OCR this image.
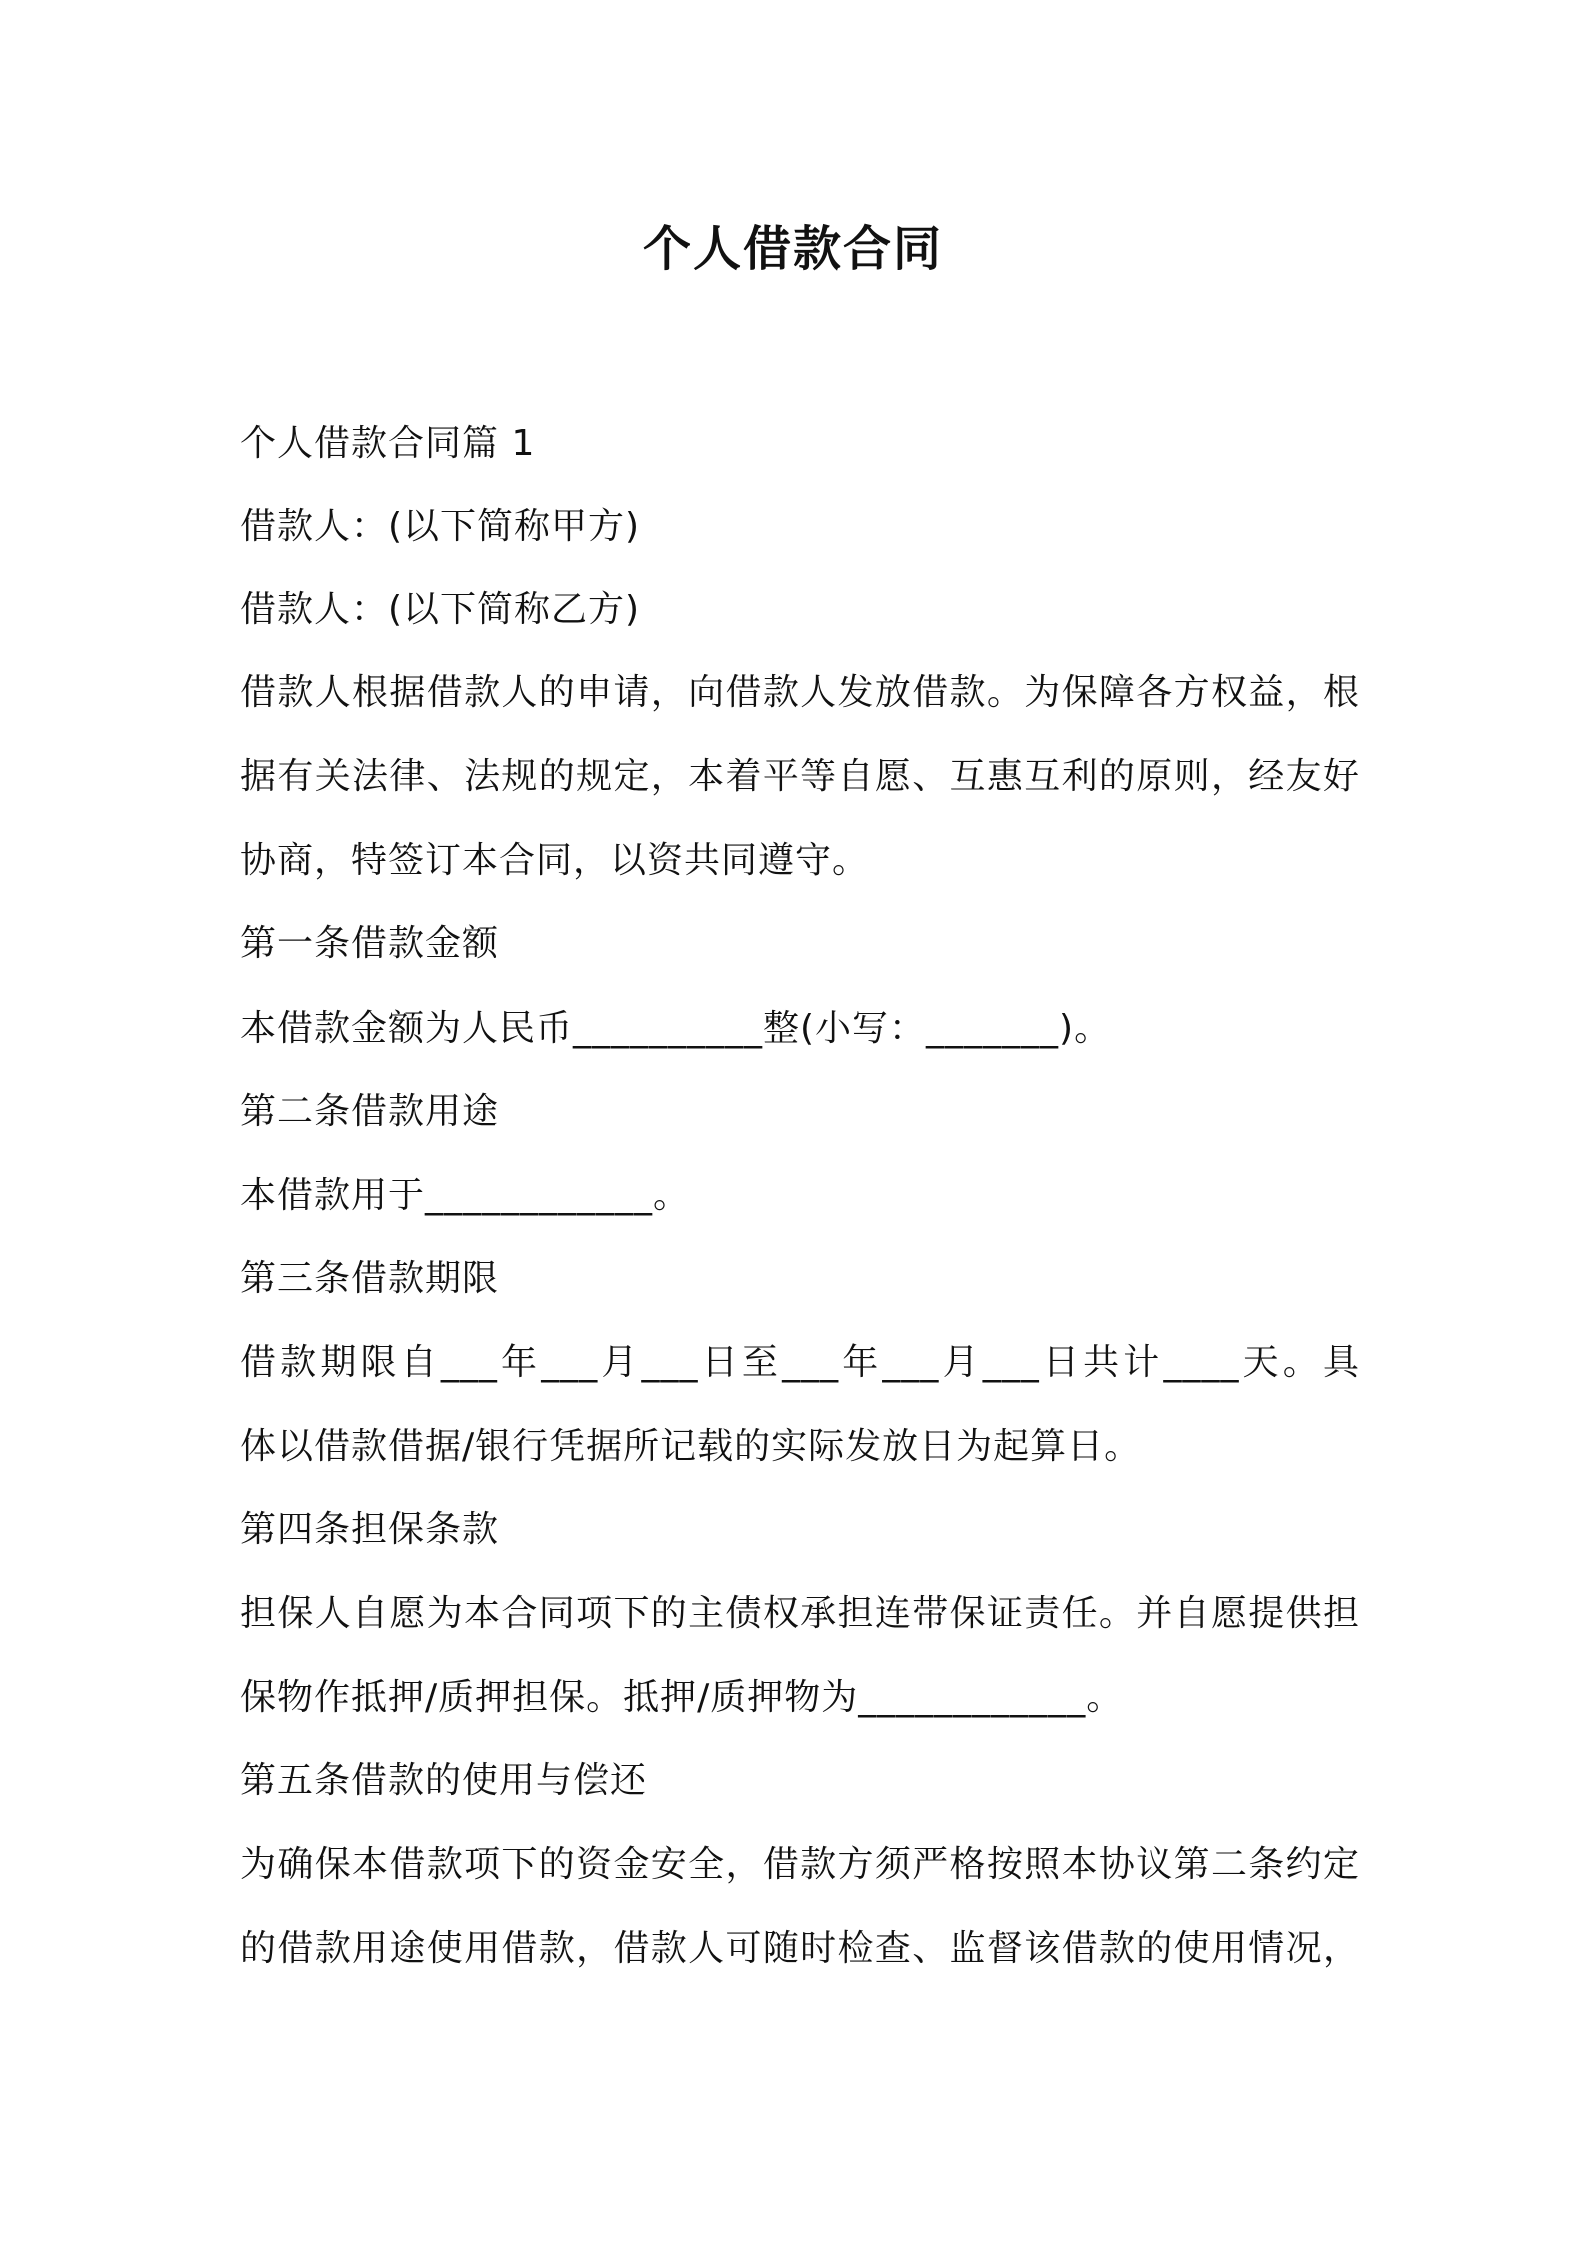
个人借款合同
个人借款合同篇 1
借款人：(以下简称甲方)
借款人：(以下简称乙方)
借款人根据借款人的申请，向借款人发放借款。为保障各方权益，根
据有关法律、法规的规定，本着平等自愿、互惠互利的原则，经友好
协商，特签订本合同，以资共同遵守。
第一条借款金额
本借款金额为人民币__________整(小写：_______)。
第二条借款用途
本借款用于____________。
第三条借款期限
借款期限自___年___月___日至___年___月___日共计____天。具
体以借款借据/银行凭据所记载的实际发放日为起算日。
第四条担保条款
担保人自愿为本合同项下的主债权承担连带保证责任。并自愿提供担
保物作抵押/质押担保。抵押/质押物为____________。
第五条借款的使用与偿还
为确保本借款项下的资金安全，借款方须严格按照本协议第二条约定
的借款用途使用借款，借款人可随时检查、监督该借款的使用情况，
